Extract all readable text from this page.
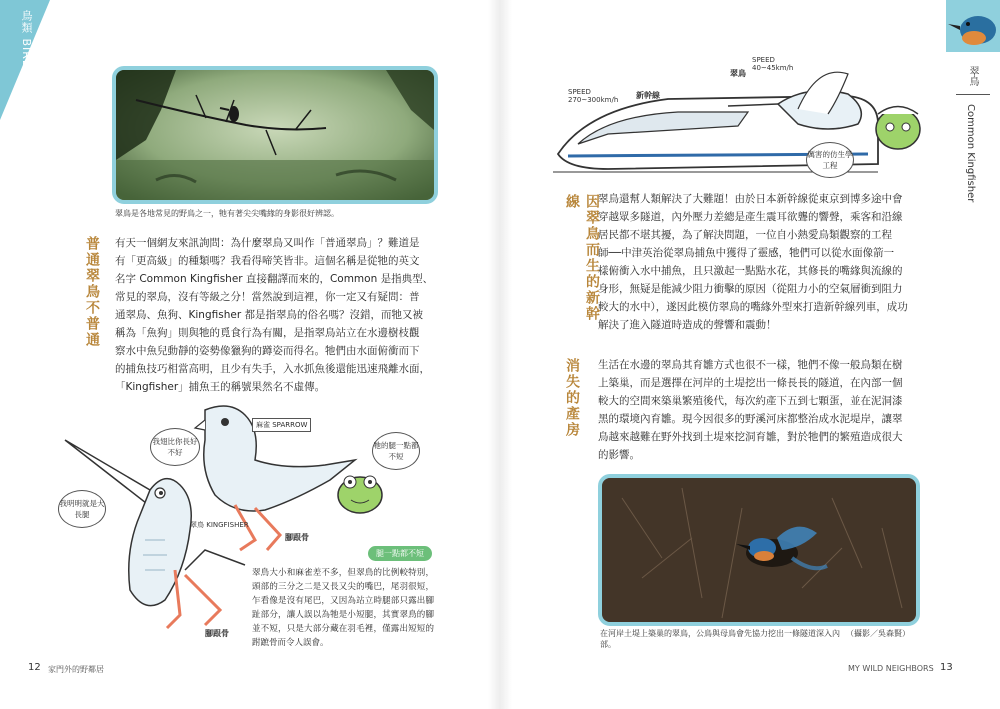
鳥類 BIRDS
翠鳥是各地常見的野鳥之一，牠有著尖尖嘴緣的身影很好辨認。
普通翠鳥不普通 有天一個網友來訊詢問：為什麼翠鳥又叫作「普通翠鳥」？難道是
有「更高級」的種類嗎？我看得啼笑皆非。這個名稱是從牠的英文
名字 Common Kingfisher 直接翻譯而來的，Common 是指典型、
常見的翠鳥，沒有等級之分！當然說到這裡，你一定又有疑問：普
通翠鳥、魚狗、Kingfisher 都是指翠鳥的俗名嗎？沒錯，而牠又被
稱為「魚狗」則與牠的覓食行為有關，是指翠鳥站立在水邊樹枝觀
察水中魚兒動靜的姿勢像獵狗的蹲姿而得名。牠們由水面俯衝而下
的捕魚技巧相當高明，且少有失手，入水抓魚後還能迅速飛離水面，
「Kingfisher」捕魚王的稱號果然名不虛傳。
我明明就是大長腿
我翅比你長好不好
牠的腿一點都不短
麻雀 SPARROW
翠鳥 KINGFISHER
腳跟骨
腳跟骨
腿一點都不短
翠鳥大小和麻雀差不多，但翠鳥的比例較特別，頭部的三分之二是又長又尖的嘴巴，尾羽很短，乍看像是沒有尾巴，又因為站立時腿部只露出腳趾部分，讓人誤以為牠是小短腿，其實翠鳥的腳並不短，只是大部分藏在羽毛裡，僅露出短短的跗蹠骨而令人誤會。
12 家門外的野鄰居
翠鳥
Common Kingfisher
SPEED 270~300km/h	新幹線
SPEED 40~45km/h
翠鳥
厲害的仿生學工程
因翠鳥而生的新幹線	翠鳥還幫人類解決了大難題！由於日本新幹線從東京到博多途中會
穿越眾多隧道，內外壓力差總是產生震耳欲聾的響聲，乘客和沿線
居民都不堪其擾，為了解決問題，一位自小熱愛鳥類觀察的工程
師──中津英治從翠鳥捕魚中獲得了靈感，牠們可以從水面像箭一
樣俯衝入水中捕魚，且只激起一點點水花，其修長的嘴緣與流線的
身形，無疑是能減少阻力衝擊的原因（從阻力小的空氣層衝到阻力
較大的水中），遂因此模仿翠鳥的嘴緣外型來打造新幹線列車，成功
解決了進入隧道時造成的聲響和震動！
消失的產房 生活在水邊的翠鳥其育雛方式也很不一樣，牠們不像一般鳥類在樹
上築巢，而是選擇在河岸的土堤挖出一條長長的隧道，在內部一個
較大的空間來築巢繁殖後代，每次約產下五到七顆蛋，並在泥洞漆
黑的環境內育雛。現今因很多的野溪河床都整治成水泥堤岸，讓翠
鳥越來越難在野外找到土堤來挖洞育雛，對於牠們的繁殖造成很大
的影響。
在河岸土堤上築巢的翠鳥，公鳥與母鳥會先協力挖出一條隧道深入內部。
（攝影／吳森賢）
MY WILD NEIGHBORS 13
